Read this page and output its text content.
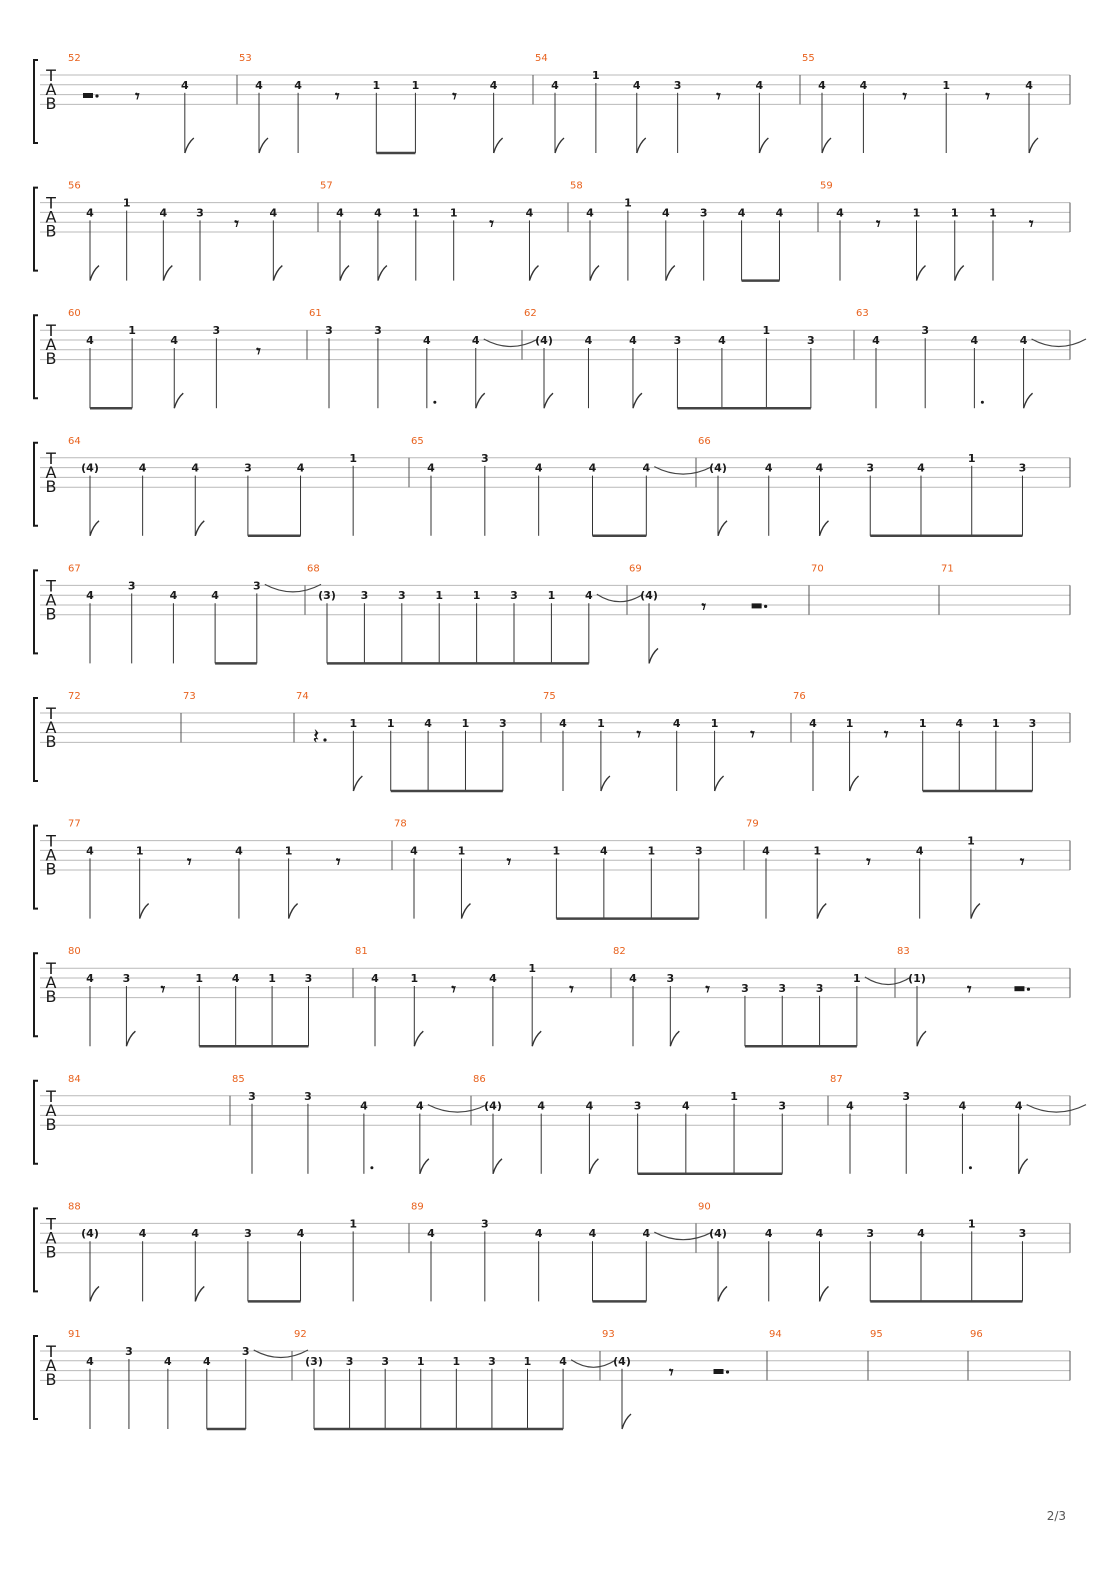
T
A
B
52
𝄾
4
53
4	4
𝄾
1	1
𝄾
4
54
4
1
4	3
𝄾
4
55
4	4
𝄾
1
𝄾
4
T
A
B
56
4
1
4	3
𝄾
4
57
4	4	1	1
𝄾
4
58
4
1
4	3	4	4
59
4
𝄾
1	1	1
𝄾
T
A
B
60
4
1
4
3
𝄾
61
3	3
4	4
62
(4)	4	4	3	4
1
3
63
4
3
4	4
T
A
B
64
(4)	4	4	3	4
1
65
4
3
4	4	4
66
(4)	4	4	3	4
1
3
T
A
B
67
4
3
4	4
3
68
(3) 3	3	1	1	3	1	4
69
(4)
𝄾
70	71
T
A
B
72	73	74
𝄽
1	1	4	1	3
75
4	1
𝄾
4	1
𝄾
76
4	1
𝄾
1	4	1	3
T
A
B
77
4	1
𝄾
4	1
𝄾
78
4	1
𝄾
1	4	1	3
79
4	1
𝄾
4
1
𝄾
T
A
B
80
4	3
𝄾
1	4	1	3
81
4	1
𝄾
4
1
𝄾
82
4	3
𝄾	3	3	3
1
83
(1)
𝄾
T
A
B
84	85
3	3
4	4
86
(4)	4	4	3	4
1
3
87
4
3
4	4
T
A
B
88
(4)	4	4	3	4
1
89
4
3
4	4	4
90
(4)	4	4	3	4
1
3
T
A
B
91
4
3
4	4
3
92
(3) 3	3	1	1	3	1	4
93
(4)
𝄾
94	95	96
2/3
